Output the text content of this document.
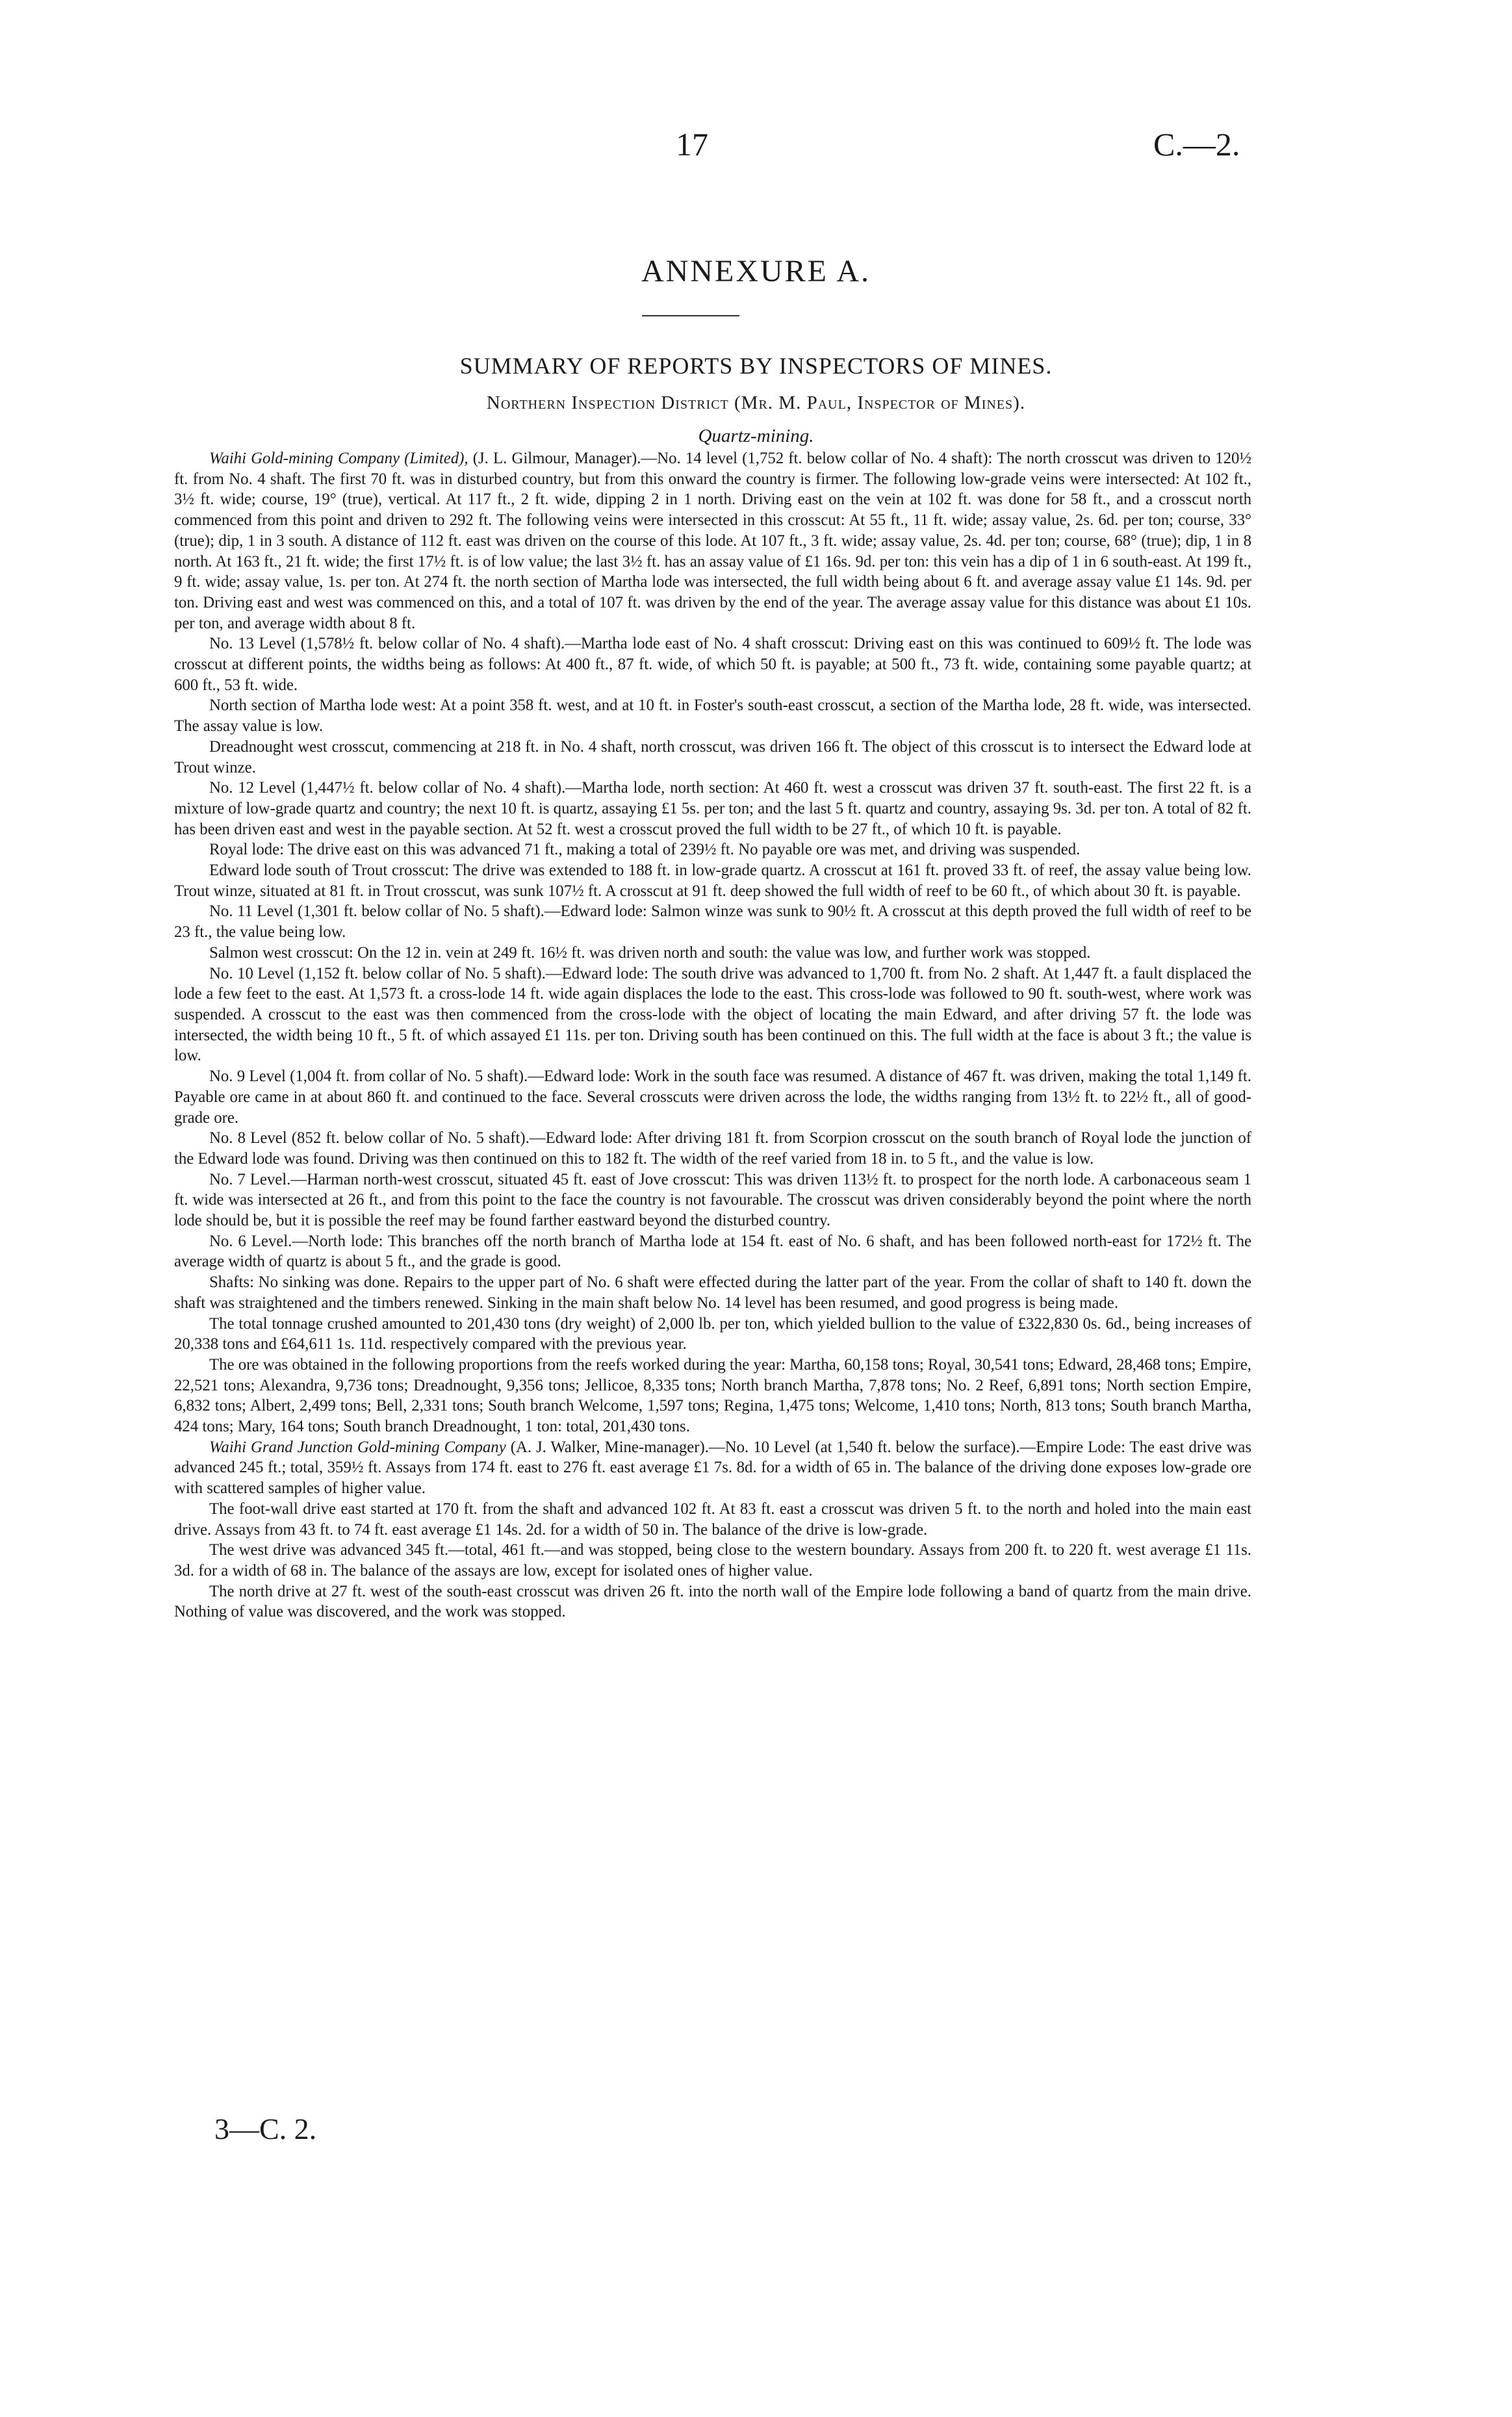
17	C.—2.
ANNEXURE A.
SUMMARY OF REPORTS BY INSPECTORS OF MINES.
Northern Inspection District (Mr. M. Paul, Inspector of Mines).
Quartz-mining.

Waihi Gold-mining Company (Limited), (J. L. Gilmour, Manager).—No. 14 level (1,752 ft. below collar of No. 4 shaft): The north crosscut was driven to 120½ ft. from No. 4 shaft. The first 70 ft. was in disturbed country, but from this onward the country is firmer. The following low-grade veins were intersected: At 102 ft., 3½ ft. wide; course, 19° (true), vertical. At 117 ft., 2 ft. wide, dipping 2 in 1 north. Driving east on the vein at 102 ft. was done for 58 ft., and a crosscut north commenced from this point and driven to 292 ft. The following veins were intersected in this crosscut: At 55 ft., 11 ft. wide; assay value, 2s. 6d. per ton; course, 33° (true); dip, 1 in 3 south. A distance of 112 ft. east was driven on the course of this lode. At 107 ft., 3 ft. wide; assay value, 2s. 4d. per ton; course, 68° (true); dip, 1 in 8 north. At 163 ft., 21 ft. wide; the first 17½ ft. is of low value; the last 3½ ft. has an assay value of £1 16s. 9d. per ton: this vein has a dip of 1 in 6 south-east. At 199 ft., 9 ft. wide; assay value, 1s. per ton. At 274 ft. the north section of Martha lode was intersected, the full width being about 6 ft. and average assay value £1 14s. 9d. per ton. Driving east and west was commenced on this, and a total of 107 ft. was driven by the end of the year. The average assay value for this distance was about £1 10s. per ton, and average width about 8 ft.

No. 13 Level (1,578½ ft. below collar of No. 4 shaft).—Martha lode east of No. 4 shaft crosscut: Driving east on this was continued to 609½ ft. The lode was crosscut at different points, the widths being as follows: At 400 ft., 87 ft. wide, of which 50 ft. is payable; at 500 ft., 73 ft. wide, containing some payable quartz; at 600 ft., 53 ft. wide.

North section of Martha lode west: At a point 358 ft. west, and at 10 ft. in Foster's south-east crosscut, a section of the Martha lode, 28 ft. wide, was intersected. The assay value is low.

Dreadnought west crosscut, commencing at 218 ft. in No. 4 shaft, north crosscut, was driven 166 ft. The object of this crosscut is to intersect the Edward lode at Trout winze.

No. 12 Level (1,447½ ft. below collar of No. 4 shaft).—Martha lode, north section: At 460 ft. west a crosscut was driven 37 ft. south-east. The first 22 ft. is a mixture of low-grade quartz and country; the next 10 ft. is quartz, assaying £1 5s. per ton; and the last 5 ft. quartz and country, assaying 9s. 3d. per ton. A total of 82 ft. has been driven east and west in the payable section. At 52 ft. west a crosscut proved the full width to be 27 ft., of which 10 ft. is payable.

Royal lode: The drive east on this was advanced 71 ft., making a total of 239½ ft. No payable ore was met, and driving was suspended.

Edward lode south of Trout crosscut: The drive was extended to 188 ft. in low-grade quartz. A crosscut at 161 ft. proved 33 ft. of reef, the assay value being low. Trout winze, situated at 81 ft. in Trout crosscut, was sunk 107½ ft. A crosscut at 91 ft. deep showed the full width of reef to be 60 ft., of which about 30 ft. is payable.

No. 11 Level (1,301 ft. below collar of No. 5 shaft).—Edward lode: Salmon winze was sunk to 90½ ft. A crosscut at this depth proved the full width of reef to be 23 ft., the value being low.

Salmon west crosscut: On the 12 in. vein at 249 ft. 16½ ft. was driven north and south: the value was low, and further work was stopped.

No. 10 Level (1,152 ft. below collar of No. 5 shaft).—Edward lode: The south drive was advanced to 1,700 ft. from No. 2 shaft. At 1,447 ft. a fault displaced the lode a few feet to the east. At 1,573 ft. a cross-lode 14 ft. wide again displaces the lode to the east. This cross-lode was followed to 90 ft. south-west, where work was suspended. A crosscut to the east was then commenced from the cross-lode with the object of locating the main Edward, and after driving 57 ft. the lode was intersected, the width being 10 ft., 5 ft. of which assayed £1 11s. per ton. Driving south has been continued on this. The full width at the face is about 3 ft.; the value is low.

No. 9 Level (1,004 ft. from collar of No. 5 shaft).—Edward lode: Work in the south face was resumed. A distance of 467 ft. was driven, making the total 1,149 ft. Payable ore came in at about 860 ft. and continued to the face. Several crosscuts were driven across the lode, the widths ranging from 13½ ft. to 22½ ft., all of good-grade ore.

No. 8 Level (852 ft. below collar of No. 5 shaft).—Edward lode: After driving 181 ft. from Scorpion crosscut on the south branch of Royal lode the junction of the Edward lode was found. Driving was then continued on this to 182 ft. The width of the reef varied from 18 in. to 5 ft., and the value is low.

No. 7 Level.—Harman north-west crosscut, situated 45 ft. east of Jove crosscut: This was driven 113½ ft. to prospect for the north lode. A carbonaceous seam 1 ft. wide was intersected at 26 ft., and from this point to the face the country is not favourable. The crosscut was driven considerably beyond the point where the north lode should be, but it is possible the reef may be found farther eastward beyond the disturbed country.

No. 6 Level.—North lode: This branches off the north branch of Martha lode at 154 ft. east of No. 6 shaft, and has been followed north-east for 172½ ft. The average width of quartz is about 5 ft., and the grade is good.

Shafts: No sinking was done. Repairs to the upper part of No. 6 shaft were effected during the latter part of the year. From the collar of shaft to 140 ft. down the shaft was straightened and the timbers renewed. Sinking in the main shaft below No. 14 level has been resumed, and good progress is being made.

The total tonnage crushed amounted to 201,430 tons (dry weight) of 2,000 lb. per ton, which yielded bullion to the value of £322,830 0s. 6d., being increases of 20,338 tons and £64,611 1s. 11d. respectively compared with the previous year.

The ore was obtained in the following proportions from the reefs worked during the year: Martha, 60,158 tons; Royal, 30,541 tons; Edward, 28,468 tons; Empire, 22,521 tons; Alexandra, 9,736 tons; Dreadnought, 9,356 tons; Jellicoe, 8,335 tons; North branch Martha, 7,878 tons; No. 2 Reef, 6,891 tons; North section Empire, 6,832 tons; Albert, 2,499 tons; Bell, 2,331 tons; South branch Welcome, 1,597 tons; Regina, 1,475 tons; Welcome, 1,410 tons; North, 813 tons; South branch Martha, 424 tons; Mary, 164 tons; South branch Dreadnought, 1 ton: total, 201,430 tons.

Waihi Grand Junction Gold-mining Company (A. J. Walker, Mine-manager).—No. 10 Level (at 1,540 ft. below the surface).—Empire Lode: The east drive was advanced 245 ft.; total, 359½ ft. Assays from 174 ft. east to 276 ft. east average £1 7s. 8d. for a width of 65 in. The balance of the driving done exposes low-grade ore with scattered samples of higher value.

The foot-wall drive east started at 170 ft. from the shaft and advanced 102 ft. At 83 ft. east a crosscut was driven 5 ft. to the north and holed into the main east drive. Assays from 43 ft. to 74 ft. east average £1 14s. 2d. for a width of 50 in. The balance of the drive is low-grade.

The west drive was advanced 345 ft.—total, 461 ft.—and was stopped, being close to the western boundary. Assays from 200 ft. to 220 ft. west average £1 11s. 3d. for a width of 68 in. The balance of the assays are low, except for isolated ones of higher value.

The north drive at 27 ft. west of the south-east crosscut was driven 26 ft. into the north wall of the Empire lode following a band of quartz from the main drive. Nothing of value was discovered, and the work was stopped.

3—C. 2.
